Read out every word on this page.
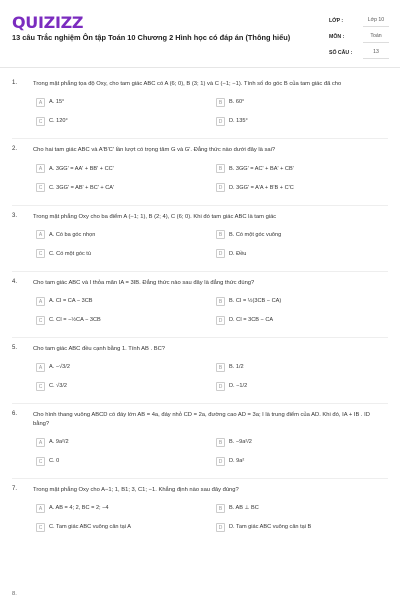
QUIZIZZ
13 câu Trắc nghiệm Ôn tập Toán 10 Chương 2 Hình học có đáp án (Thông hiểu)
LỚP :	Lớp 10
MÔN :	Toán
SỐ CÂU :	13
1.	Trong mặt phẳng tọa độ Oxy, cho tam giác ABC có A (6; 0), B (3; 1) và C (−1; −1). Tính số đo góc B của tam giác đã cho
A	A. 15°	B	B. 60°
C	C. 120°	D	D. 135°
2.	Cho hai tam giác ABC và A'B'C' lần lượt có trọng tâm G và G'. Đẳng thức nào dưới đây là sai?
A	A. 3GG' = AA' + BB' + CC'	B	B. 3GG' = AC' + BA' + CB'
C	C. 3GG' = AB' + BC' + CA'	D	D. 3GG' = A'A + B'B + C'C
3.	Trong mặt phẳng Oxy cho ba điểm A (−1; 1), B (2; 4), C (6; 0). Khi đó tam giác ABC là tam giác
A	A. Có ba góc nhọn	B	B. Có một góc vuông
C	C. Có một góc tù	D	D. Đều
4.	Cho tam giác ABC và I thỏa mãn IA = 3IB. Đẳng thức nào sau đây là đẳng thức đúng?
A	A. CI = CA − 3CB	B	B. CI = ½(3CB − CA)
C	C. CI = −½CA − 3CB	D	D. CI = 3CB − CA
5.	Cho tam giác ABC đều cạnh bằng 1. Tính AB . BC?
A	A. −√3/2	B	B. 1/2
C	C. √3/2	D	D. −1/2
6.	Cho hình thang vuông ABCD có đáy lớn AB = 4a, đáy nhỏ CD = 2a, đường cao AD = 3a; I là trung điểm của AD. Khi đó, IA + IB . ID bằng?
A	A. 9a²/2	B	B. −9a²/2
C	C. 0	D	D. 9a²
7.	Trong mặt phẳng Oxy cho A−1; 1, B1; 3, C1; −1. Khẳng định nào sau đây đúng?
A	A. AB = 4; 2, BC = 2; −4	B	B. AB ⊥ BC
C	C. Tam giác ABC vuông cân tại A	D	D. Tam giác ABC vuông cân tại B
8.
